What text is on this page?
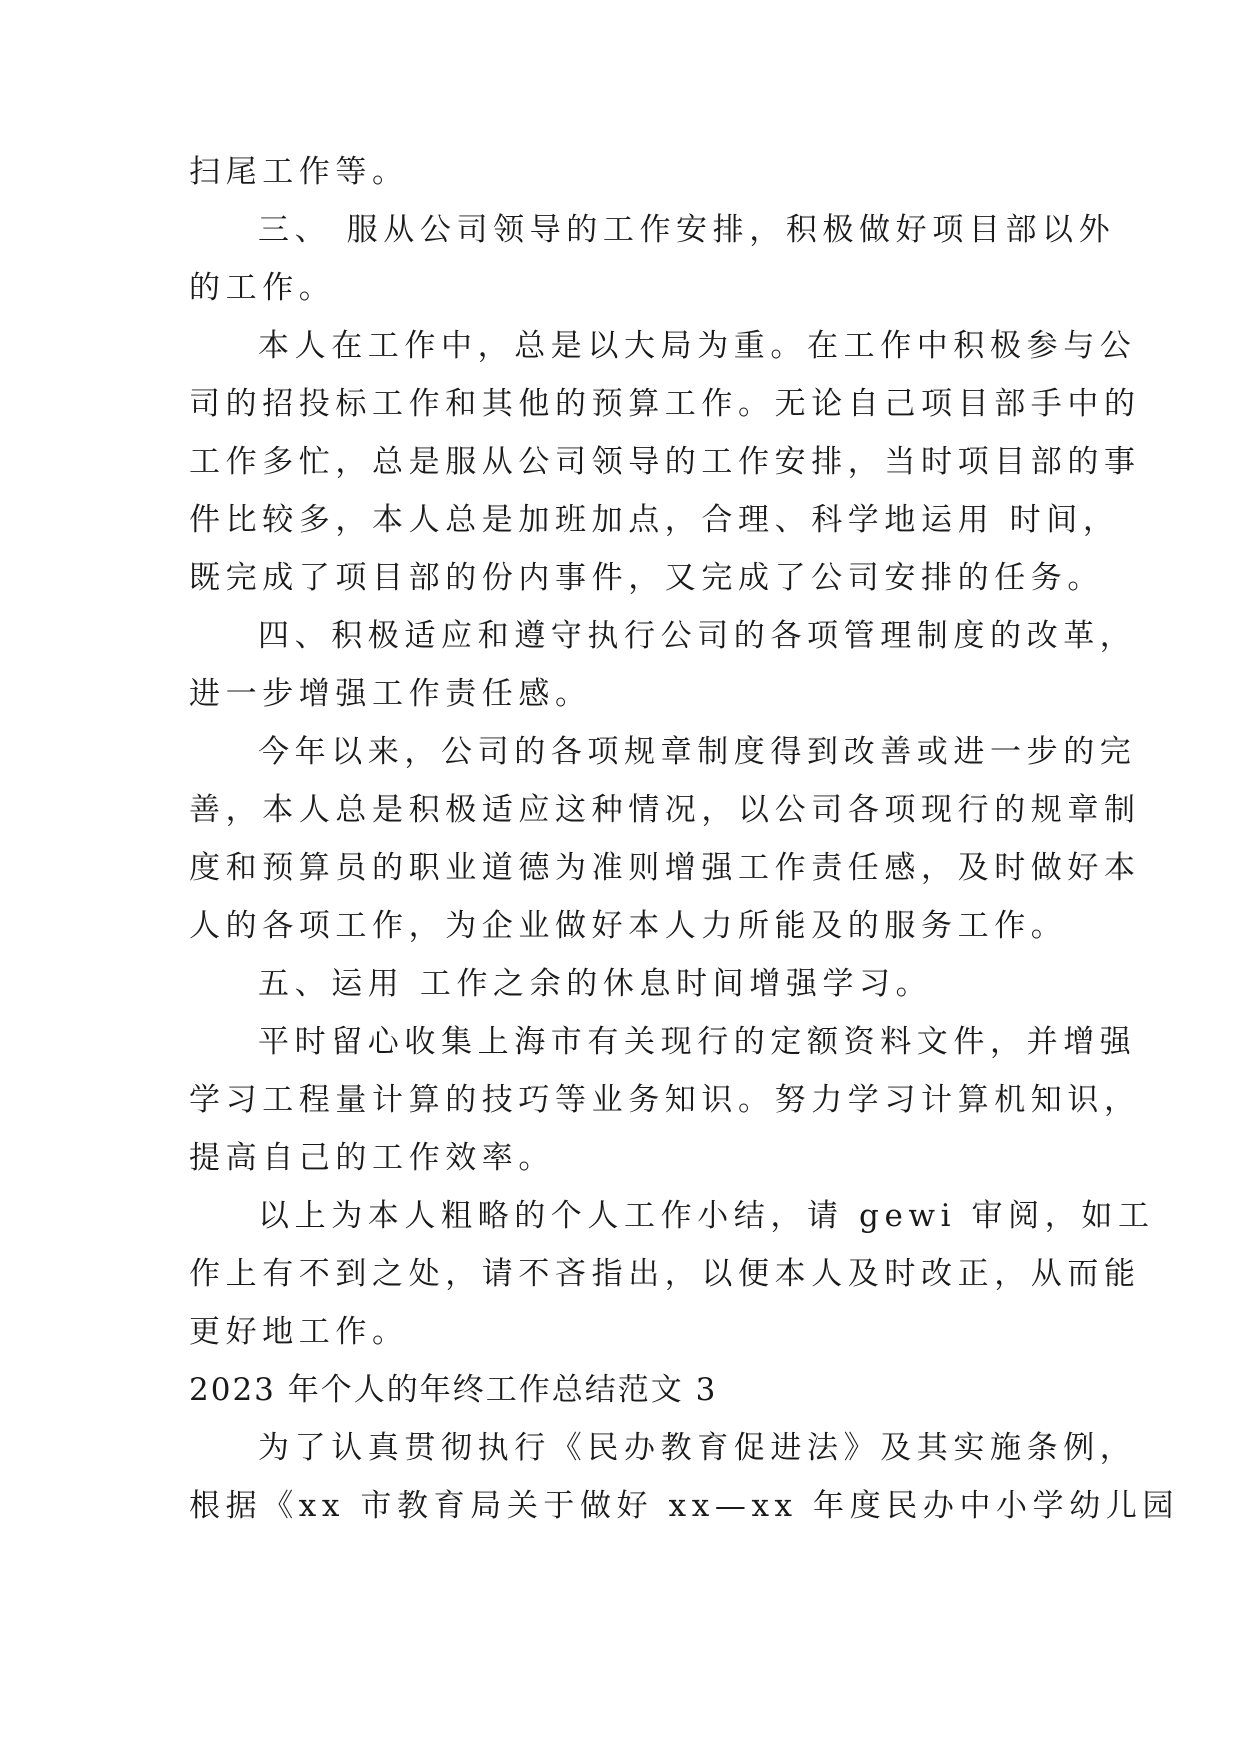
扫尾工作等。
三、 服从公司领导的工作安排，积极做好项目部以外
的工作。
本人在工作中，总是以大局为重。在工作中积极参与公
司的招投标工作和其他的预算工作。无论自己项目部手中的
工作多忙，总是服从公司领导的工作安排，当时项目部的事
件比较多，本人总是加班加点，合理、科学地运用 时间，
既完成了项目部的份内事件，又完成了公司安排的任务。
四、积极适应和遵守执行公司的各项管理制度的改革，
进一步增强工作责任感。
今年以来，公司的各项规章制度得到改善或进一步的完
善，本人总是积极适应这种情况，以公司各项现行的规章制
度和预算员的职业道德为准则增强工作责任感，及时做好本
人的各项工作，为企业做好本人力所能及的服务工作。
五、运用 工作之余的休息时间增强学习。
平时留心收集上海市有关现行的定额资料文件，并增强
学习工程量计算的技巧等业务知识。努力学习计算机知识，
提高自己的工作效率。
以上为本人粗略的个人工作小结，请 gewi 审阅，如工
作上有不到之处，请不吝指出，以便本人及时改正，从而能
更好地工作。
2023 年个人的年终工作总结范文 3
为了认真贯彻执行《民办教育促进法》及其实施条例，
根据《xx 市教育局关于做好 xx—xx 年度民办中小学幼儿园
